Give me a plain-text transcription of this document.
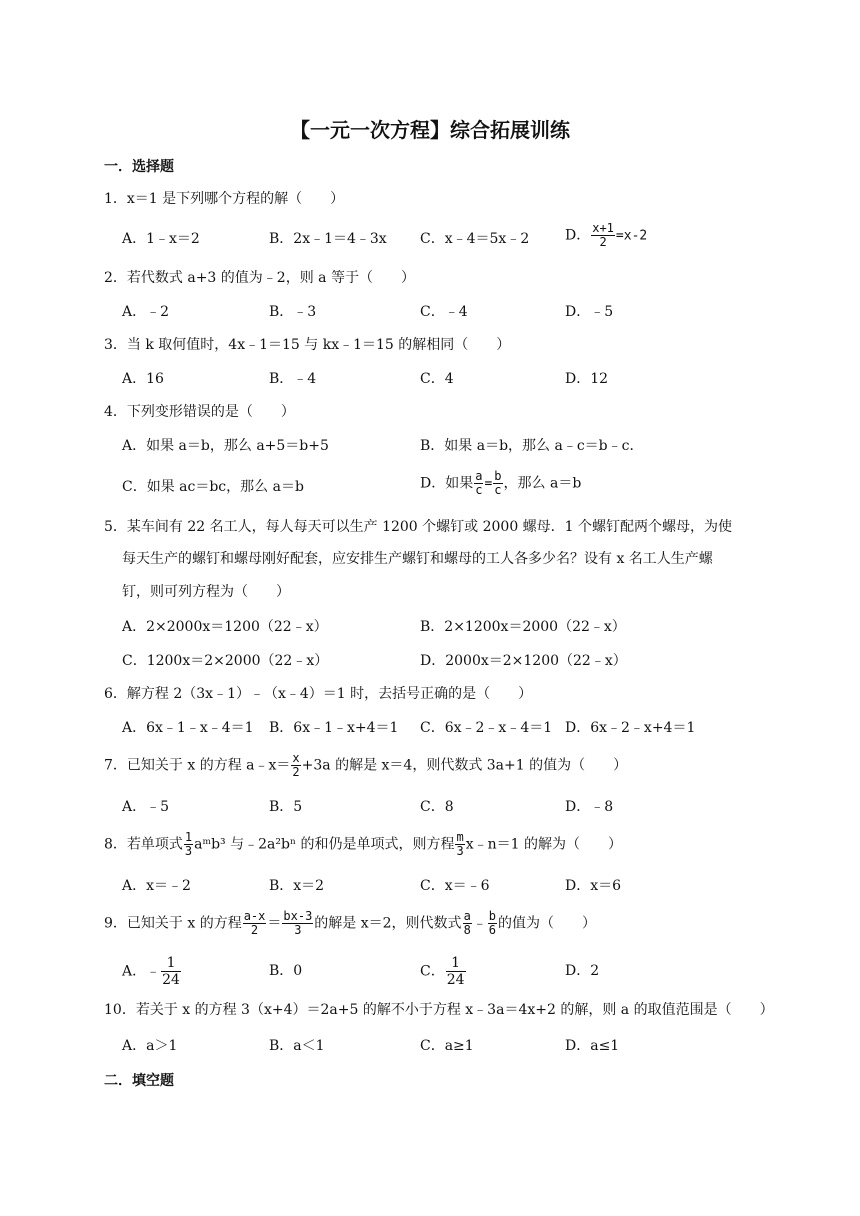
【一元一次方程】综合拓展训练
一．选择题
1．x＝1 是下列哪个方程的解（　　）
A．1﹣x＝2	B．2x﹣1＝4﹣3x C．x﹣4＝5x﹣2	D． $\frac{x+1}{2} =x-2$
2．若代数式 a+3 的值为﹣2，则 a 等于（　　）
A．﹣2	B．﹣3	C．﹣4	D．﹣5
3．当 k 取何值时，4x﹣1＝15 与 kx﹣1＝15 的解相同（　　）
A．16	B．﹣4	C．4	D．12
4．下列变形错误的是（　　）
A．如果 a＝b，那么 a+5＝b+5	B．如果 a＝b，那么 a﹣c＝b﹣c．
C．如果 ac＝bc，那么 a＝b	D．如果 $\frac{a}{c} = \frac{b}{c}$ ，那么 a＝b
5．某车间有 22 名工人，每人每天可以生产 1200 个螺钉或 2000 螺母．1 个螺钉配两个螺母，为使
每天生产的螺钉和螺母刚好配套，应安排生产螺钉和螺母的工人各多少名？设有 x 名工人生产螺
钉，则可列方程为（　　）
A．2×2000x＝1200（22﹣x）	B．2×1200x＝2000（22﹣x）
C．1200x＝2×2000（22﹣x）	D．2000x＝2×1200（22﹣x）
6．解方程 2（3x﹣1）﹣（x﹣4）＝1 时，去括号正确的是（　　）
A．6x﹣1﹣x﹣4＝1 B．6x﹣1﹣x+4＝1 C．6x﹣2﹣x﹣4＝1 D．6x﹣2﹣x+4＝1
7．已知关于 x 的方程 a﹣x＝ $\frac{x}{2} +3a$ 的解是 x＝4，则代数式 3a+1 的值为（　　）
A．﹣5	B．5	C．8	D．﹣8
8．若单项式 $\frac{1}{3}$ aᵐb³ 与﹣2a²bⁿ 的和仍是单项式，则方程 $\frac{m}{3}$ x﹣n＝1 的解为（　　）
A．x＝﹣2	B．x＝2	C．x＝﹣6	D．x＝6
9．已知关于 x 的方程 $\frac{a-x}{2} = \frac{bx-3}{3}$ 的解是 x＝2，则代数式 $\frac{a}{8}$ ﹣ $\frac{b}{6}$ 的值为（　　）
A．﹣ $\frac{1}{24}$	B．0	C． $\frac{1}{24}$	D．2
10．若关于 x 的方程 3（x+4）＝2a+5 的解不小于方程 x﹣3a＝4x+2 的解，则 a 的取值范围是（　　）
A．a＞1	B．a＜1	C．a≥1	D．a≤1
二．填空题
